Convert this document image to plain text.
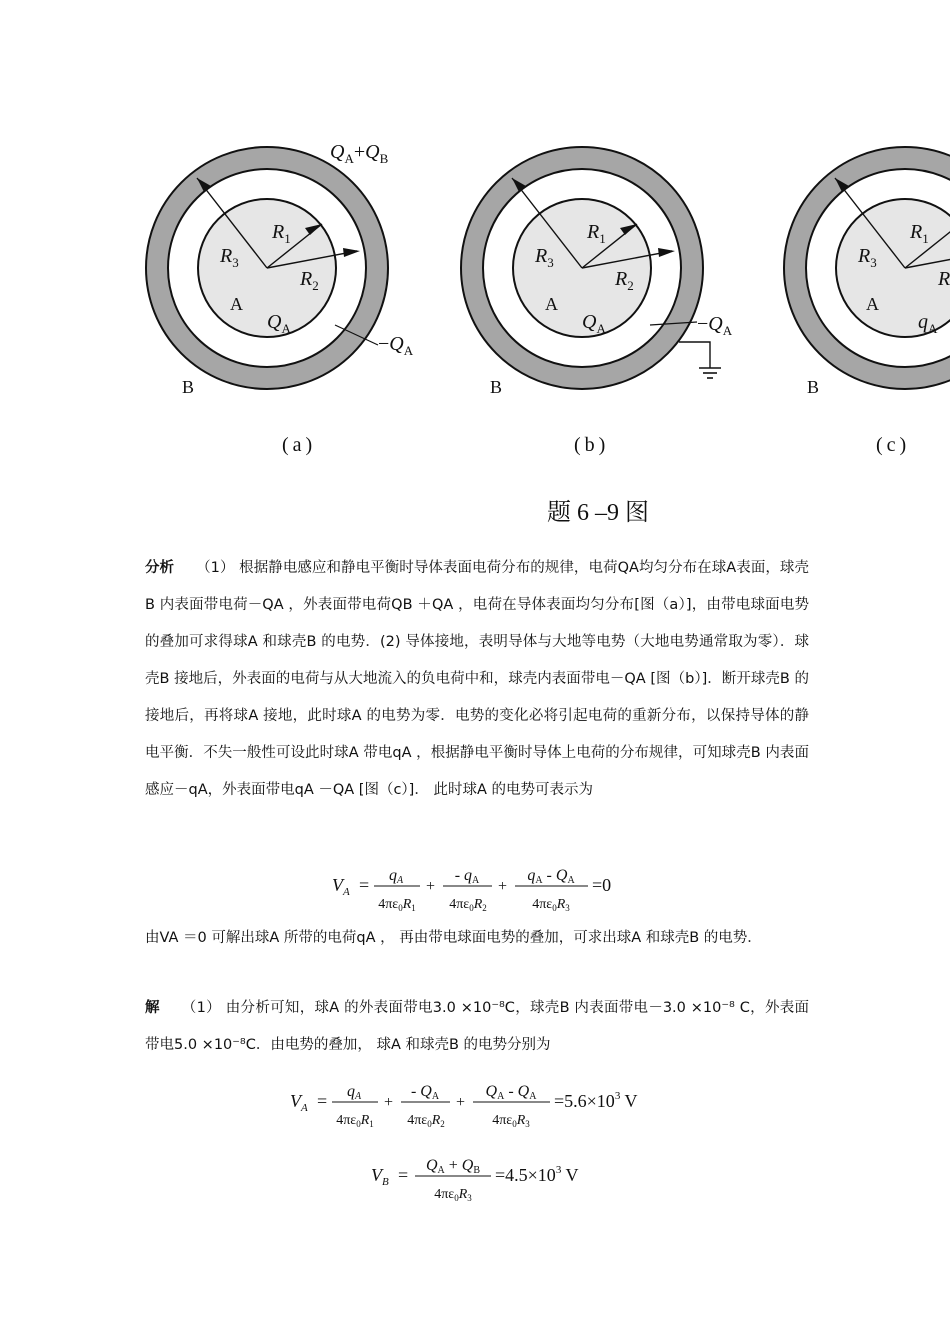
$R_3$
$R_1$
$R_2$
A
$Q_A$
$-Q_A$
$Q_A+Q_B$
B
(a)
$R_3$
$R_1$
$R_2$
A
$Q_A$	$-Q_A$
B
(b)
$R_3$
$R_1$
R
A
$q_A$
B
(c)
题 6 –9 图
分析 （1） 根据静电感应和静电平衡时导体表面电荷分布的规律，电荷QA均匀分布在球A表面，球壳B 内表面带电荷－QA ，外表面带电荷QB ＋QA ，电荷在导体表面均匀分布[图（a）]，由带电球面电势的叠加可求得球A 和球壳B 的电势．(2) 导体接地，表明导体与大地等电势（大地电势通常取为零）．球壳B 接地后，外表面的电荷与从大地流入的负电荷中和，球壳内表面带电－QA [图（b）]．断开球壳B 的接地后，再将球A 接地，此时球A 的电势为零．电势的变化必将引起电荷的重新分布，以保持导体的静电平衡．不失一般性可设此时球A 带电qA ，根据静电平衡时导体上电荷的分布规律，可知球壳B 内表面感应－qA，外表面带电qA －QA [图（c）]． 此时球A 的电势可表示为
$V_A$ = qA
$4\pi\varepsilon_0R_1$
+
- qA
$4\pi\varepsilon_0R_2$
+
qA - QA
$4\pi\varepsilon_0R_3$
=0
由VA ＝0 可解出球A 所带的电荷qA ， 再由带电球面电势的叠加，可求出球A 和球壳B 的电势．
解 （1） 由分析可知，球A 的外表面带电3.0 ×10⁻⁸C，球壳B 内表面带电－3.0 ×10⁻⁸ C，外表面带电5.0 ×10⁻⁸C．由电势的叠加， 球A 和球壳B 的电势分别为
$V_A$ = qA
$4\pi\varepsilon_0R_1$
+
- QA
$4\pi\varepsilon_0R_2$
+
QA - QA
$4\pi\varepsilon_0R_3$
$=5.6\times 10^3$ V
$V_B$ = QA + QB
$4\pi\varepsilon_0R_3$
$=4.5\times 10^3$ V
